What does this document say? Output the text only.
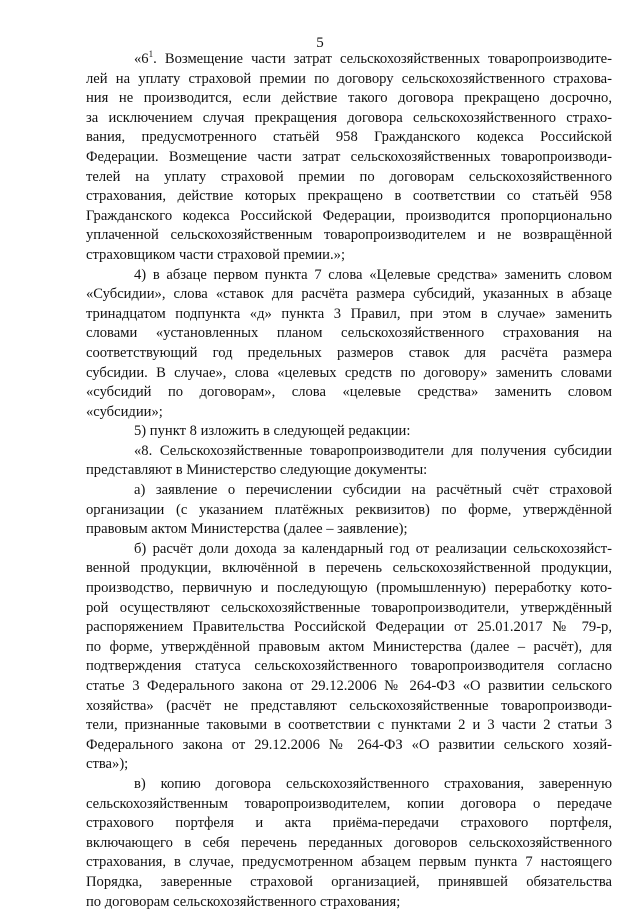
5
«$6^1$. Возмещение части затрат сельскохозяйственных товаропроизводите-
лей на уплату страховой премии по договору сельскохозяйственного страхова-
ния не производится, если действие такого договора прекращено досрочно,
за исключением случая прекращения договора сельскохозяйственного страхо-
вания, предусмотренного статьёй 958 Гражданского кодекса Российской
Федерации. Возмещение части затрат сельскохозяйственных товаропроизводи-
телей на уплату страховой премии по договорам сельскохозяйственного
страхования, действие которых прекращено в соответствии со статьёй 958
Гражданского кодекса Российской Федерации, производится пропорционально
уплаченной сельскохозяйственным товаропроизводителем и не возвращённой
страховщиком части страховой премии.»;
4) в абзаце первом пункта 7 слова «Целевые средства» заменить словом
«Субсидии», слова «ставок для расчёта размера субсидий, указанных в абзаце
тринадцатом подпункта «д» пункта 3 Правил, при этом в случае» заменить
словами «установленных планом сельскохозяйственного страхования на
соответствующий год предельных размеров ставок для расчёта размера
субсидии. В случае», слова «целевых средств по договору» заменить словами
«субсидий по договорам», слова «целевые средства» заменить словом
«субсидии»;
5) пункт 8 изложить в следующей редакции:
«8. Сельскохозяйственные товаропроизводители для получения субсидии
представляют в Министерство следующие документы:
а) заявление о перечислении субсидии на расчётный счёт страховой
организации (с указанием платёжных реквизитов) по форме, утверждённой
правовым актом Министерства (далее – заявление);
б) расчёт доли дохода за календарный год от реализации сельскохозяйст-
венной продукции, включённой в перечень сельскохозяйственной продукции,
производство, первичную и последующую (промышленную) переработку кото-
рой осуществляют сельскохозяйственные товаропроизводители, утверждённый
распоряжением Правительства Российской Федерации от 25.01.2017 № 79-р,
по форме, утверждённой правовым актом Министерства (далее – расчёт), для
подтверждения статуса сельскохозяйственного товаропроизводителя согласно
статье 3 Федерального закона от 29.12.2006 № 264-ФЗ «О развитии сельского
хозяйства» (расчёт не представляют сельскохозяйственные товаропроизводи-
тели, признанные таковыми в соответствии с пунктами 2 и 3 части 2 статьи 3
Федерального закона от 29.12.2006 № 264-ФЗ «О развитии сельского хозяй-
ства»);
в) копию договора сельскохозяйственного страхования, заверенную
сельскохозяйственным товаропроизводителем, копии договора о передаче
страхового портфеля и акта приёма-передачи страхового портфеля,
включающего в себя перечень переданных договоров сельскохозяйственного
страхования, в случае, предусмотренном абзацем первым пункта 7 настоящего
Порядка, заверенные страховой организацией, принявшей обязательства
по договорам сельскохозяйственного страхования;
